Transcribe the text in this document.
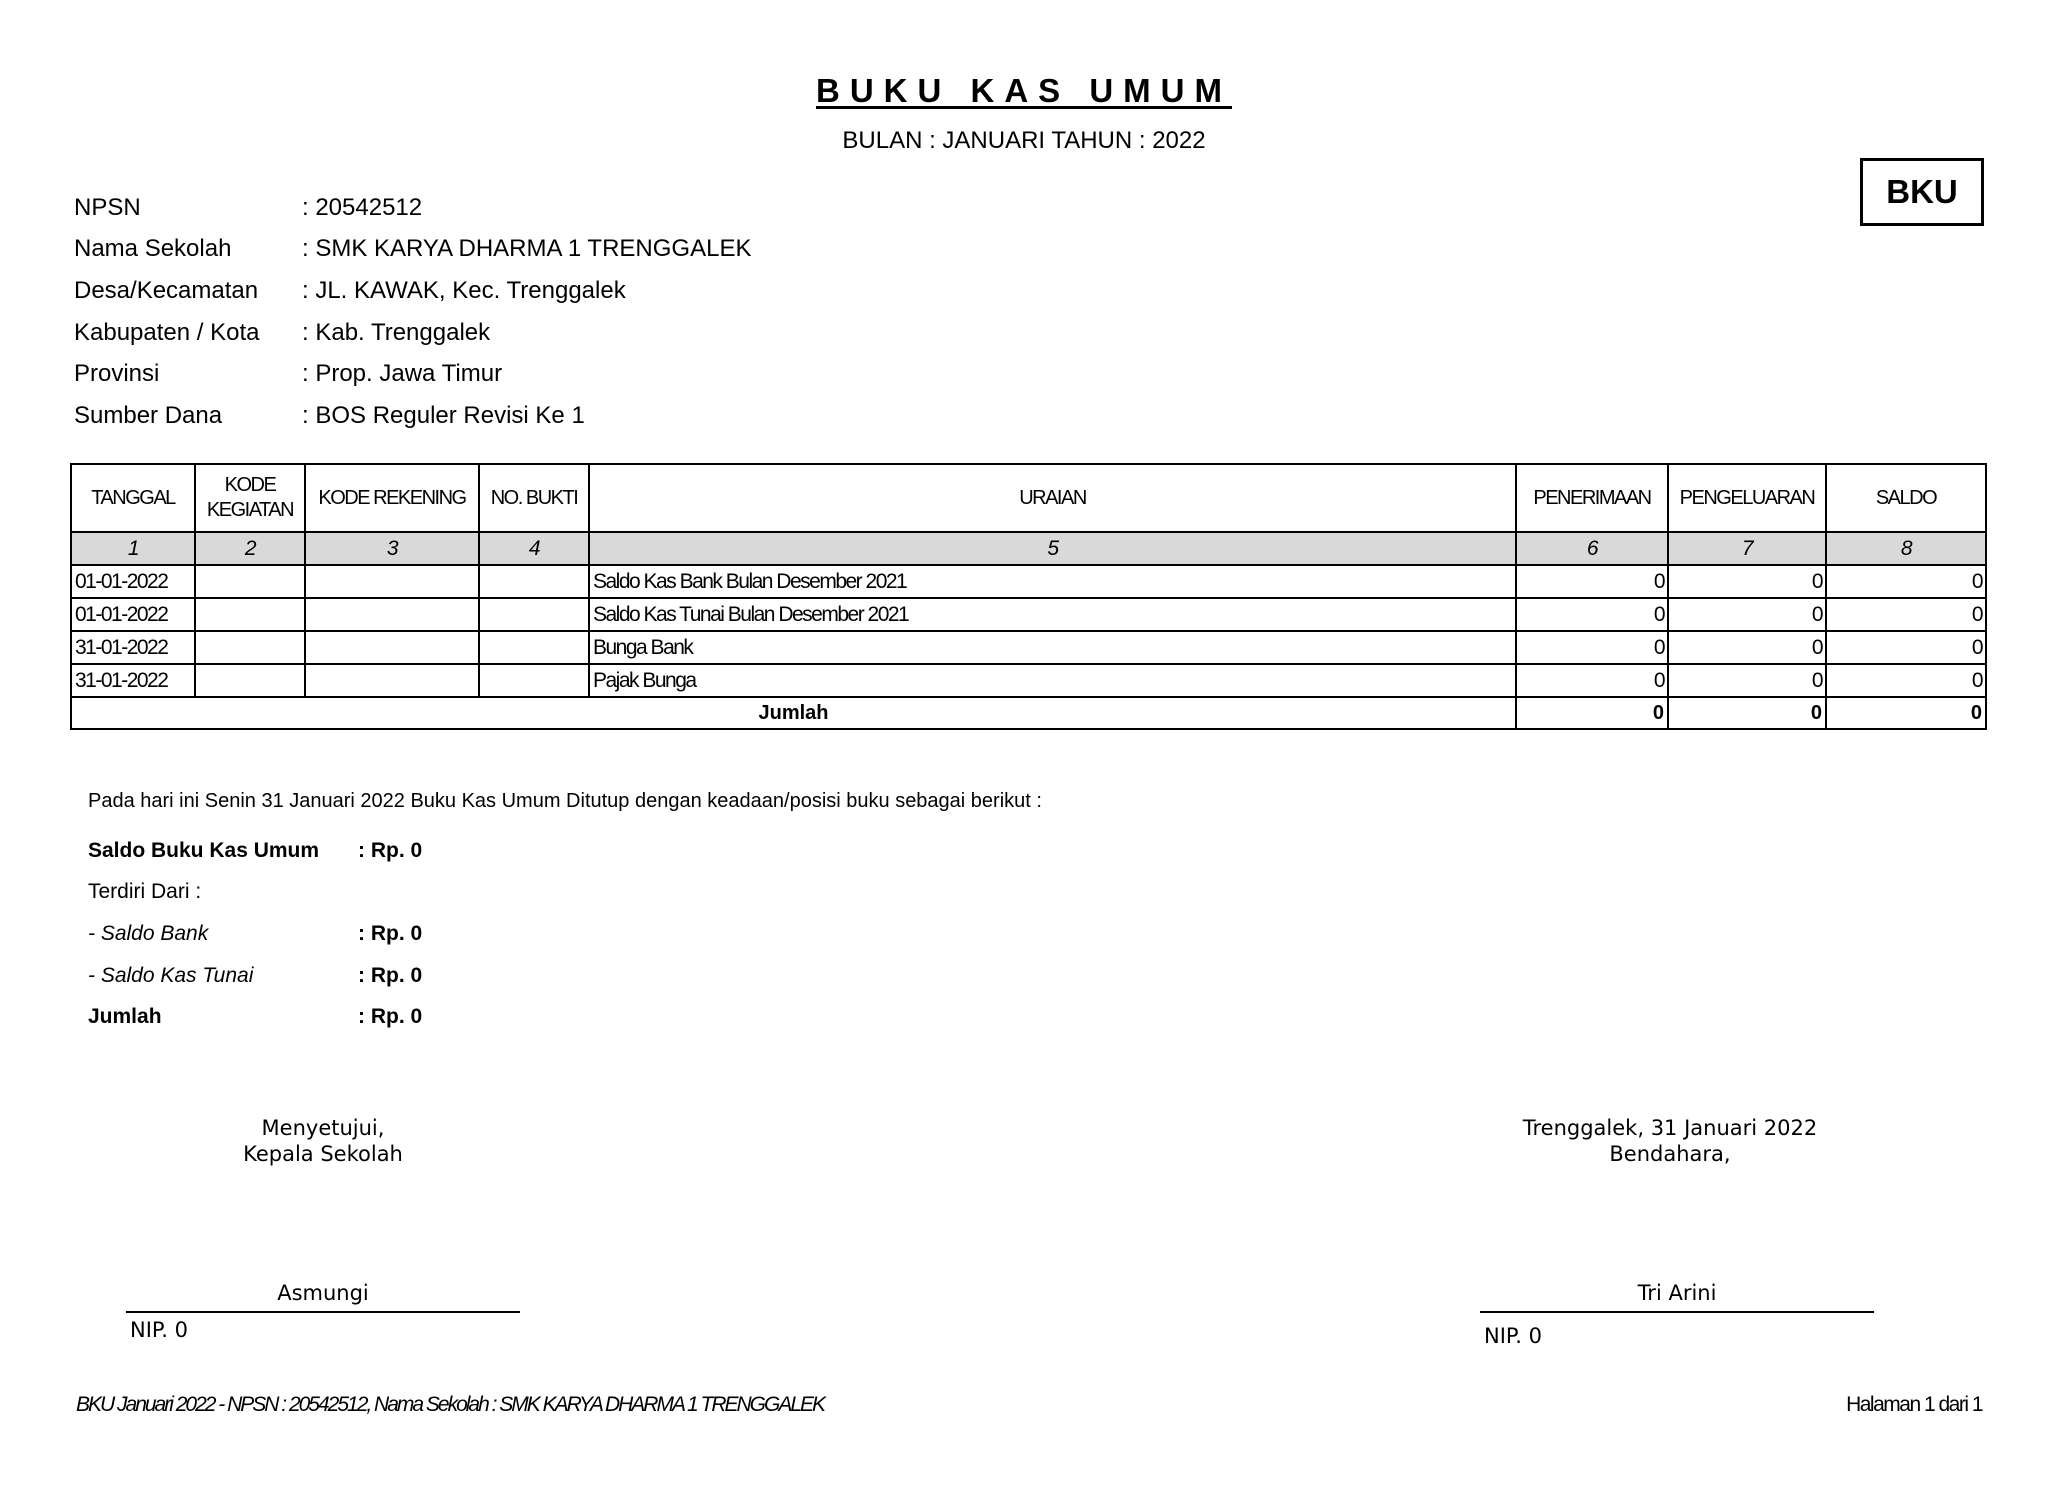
BUKU KAS UMUM
BULAN : JANUARI TAHUN : 2022
BKU
NPSN	: 20542512
Nama Sekolah	: SMK KARYA DHARMA 1 TRENGGALEK
Desa/Kecamatan	: JL. KAWAK, Kec. Trenggalek
Kabupaten / Kota	: Kab. Trenggalek
Provinsi	: Prop. Jawa Timur
Sumber Dana	: BOS Reguler Revisi Ke 1
TANGGAL	KODE KEGIATAN	KODE REKENING	NO. BUKTI	URAIAN	PENERIMAAN	PENGELUARAN	SALDO
1	2	3	4	5	6	7	8
01-01-2022				Saldo Kas Bank Bulan Desember 2021	0	0	0
01-01-2022				Saldo Kas Tunai Bulan Desember 2021	0	0	0
31-01-2022				Bunga Bank	0	0	0
31-01-2022				Pajak Bunga	0	0	0
Jumlah					0	0	0
Pada hari ini Senin 31 Januari 2022 Buku Kas Umum Ditutup dengan keadaan/posisi buku sebagai berikut :
Saldo Buku Kas Umum	: Rp. 0
Terdiri Dari :
- Saldo Bank	: Rp. 0
- Saldo Kas Tunai	: Rp. 0
Jumlah	: Rp. 0
Menyetujui,
Kepala Sekolah
Asmungi
NIP. 0
Trenggalek, 31 Januari 2022
Bendahara,
Tri Arini
NIP. 0
BKU Januari 2022 - NPSN : 20542512, Nama Sekolah : SMK KARYA DHARMA 1 TRENGGALEK	Halaman 1 dari 1
